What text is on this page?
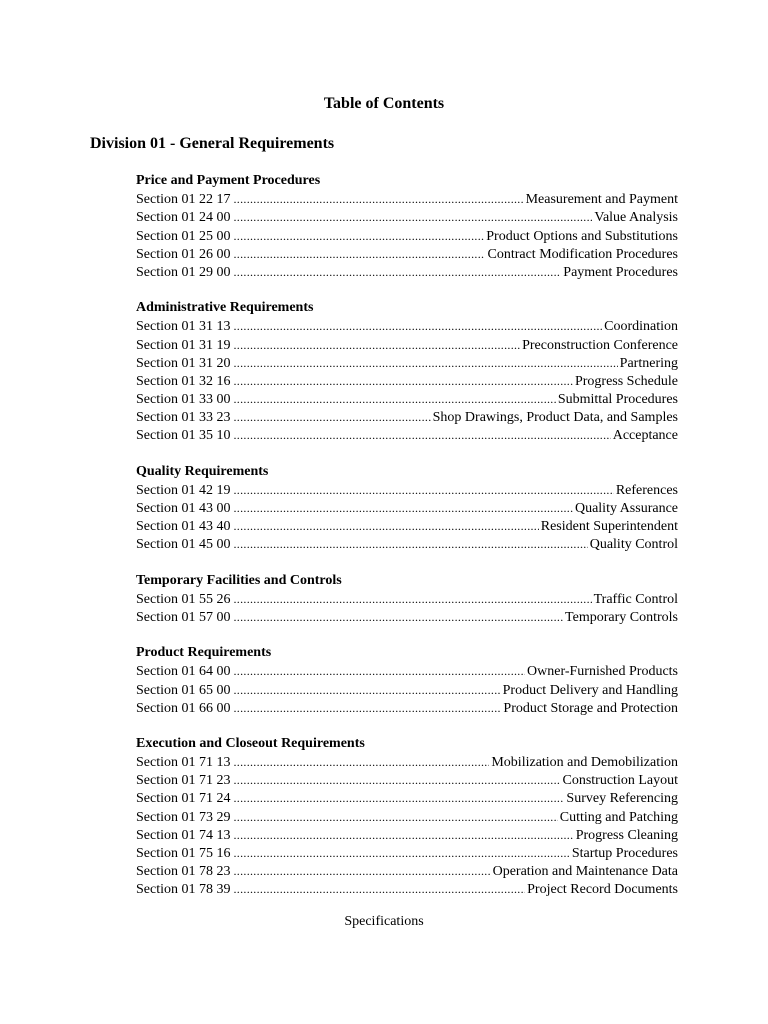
Table of Contents
Division 01 - General Requirements
Price and Payment Procedures
Section 01 22 17 .....	Measurement and Payment
Section 01 24 00 .....	Value Analysis
Section 01 25 00 .....	Product Options and Substitutions
Section 01 26 00 .....	Contract Modification Procedures
Section 01 29 00 .....	Payment Procedures
Administrative Requirements
Section 01 31 13 .....	Coordination
Section 01 31 19 .....	Preconstruction Conference
Section 01 31 20 .....	Partnering
Section 01 32 16 .....	Progress Schedule
Section 01 33 00 .....	Submittal Procedures
Section 01 33 23 .....	Shop Drawings, Product Data, and Samples
Section 01 35 10 .....	Acceptance
Quality Requirements
Section 01 42 19 .....	References
Section 01 43 00 .....	Quality Assurance
Section 01 43 40 .....	Resident Superintendent
Section 01 45 00 .....	Quality Control
Temporary Facilities and Controls
Section 01 55 26 .....	Traffic Control
Section 01 57 00 .....	Temporary Controls
Product Requirements
Section 01 64 00 .....	Owner-Furnished Products
Section 01 65 00 .....	Product Delivery and Handling
Section 01 66 00 .....	Product Storage and Protection
Execution and Closeout Requirements
Section 01 71 13 .....	Mobilization and Demobilization
Section 01 71 23 .....	Construction Layout
Section 01 71 24 .....	Survey Referencing
Section 01 73 29 .....	Cutting and Patching
Section 01 74 13 .....	Progress Cleaning
Section 01 75 16 .....	Startup Procedures
Section 01 78 23 .....	Operation and Maintenance Data
Section 01 78 39 .....	Project Record Documents
Specifications
